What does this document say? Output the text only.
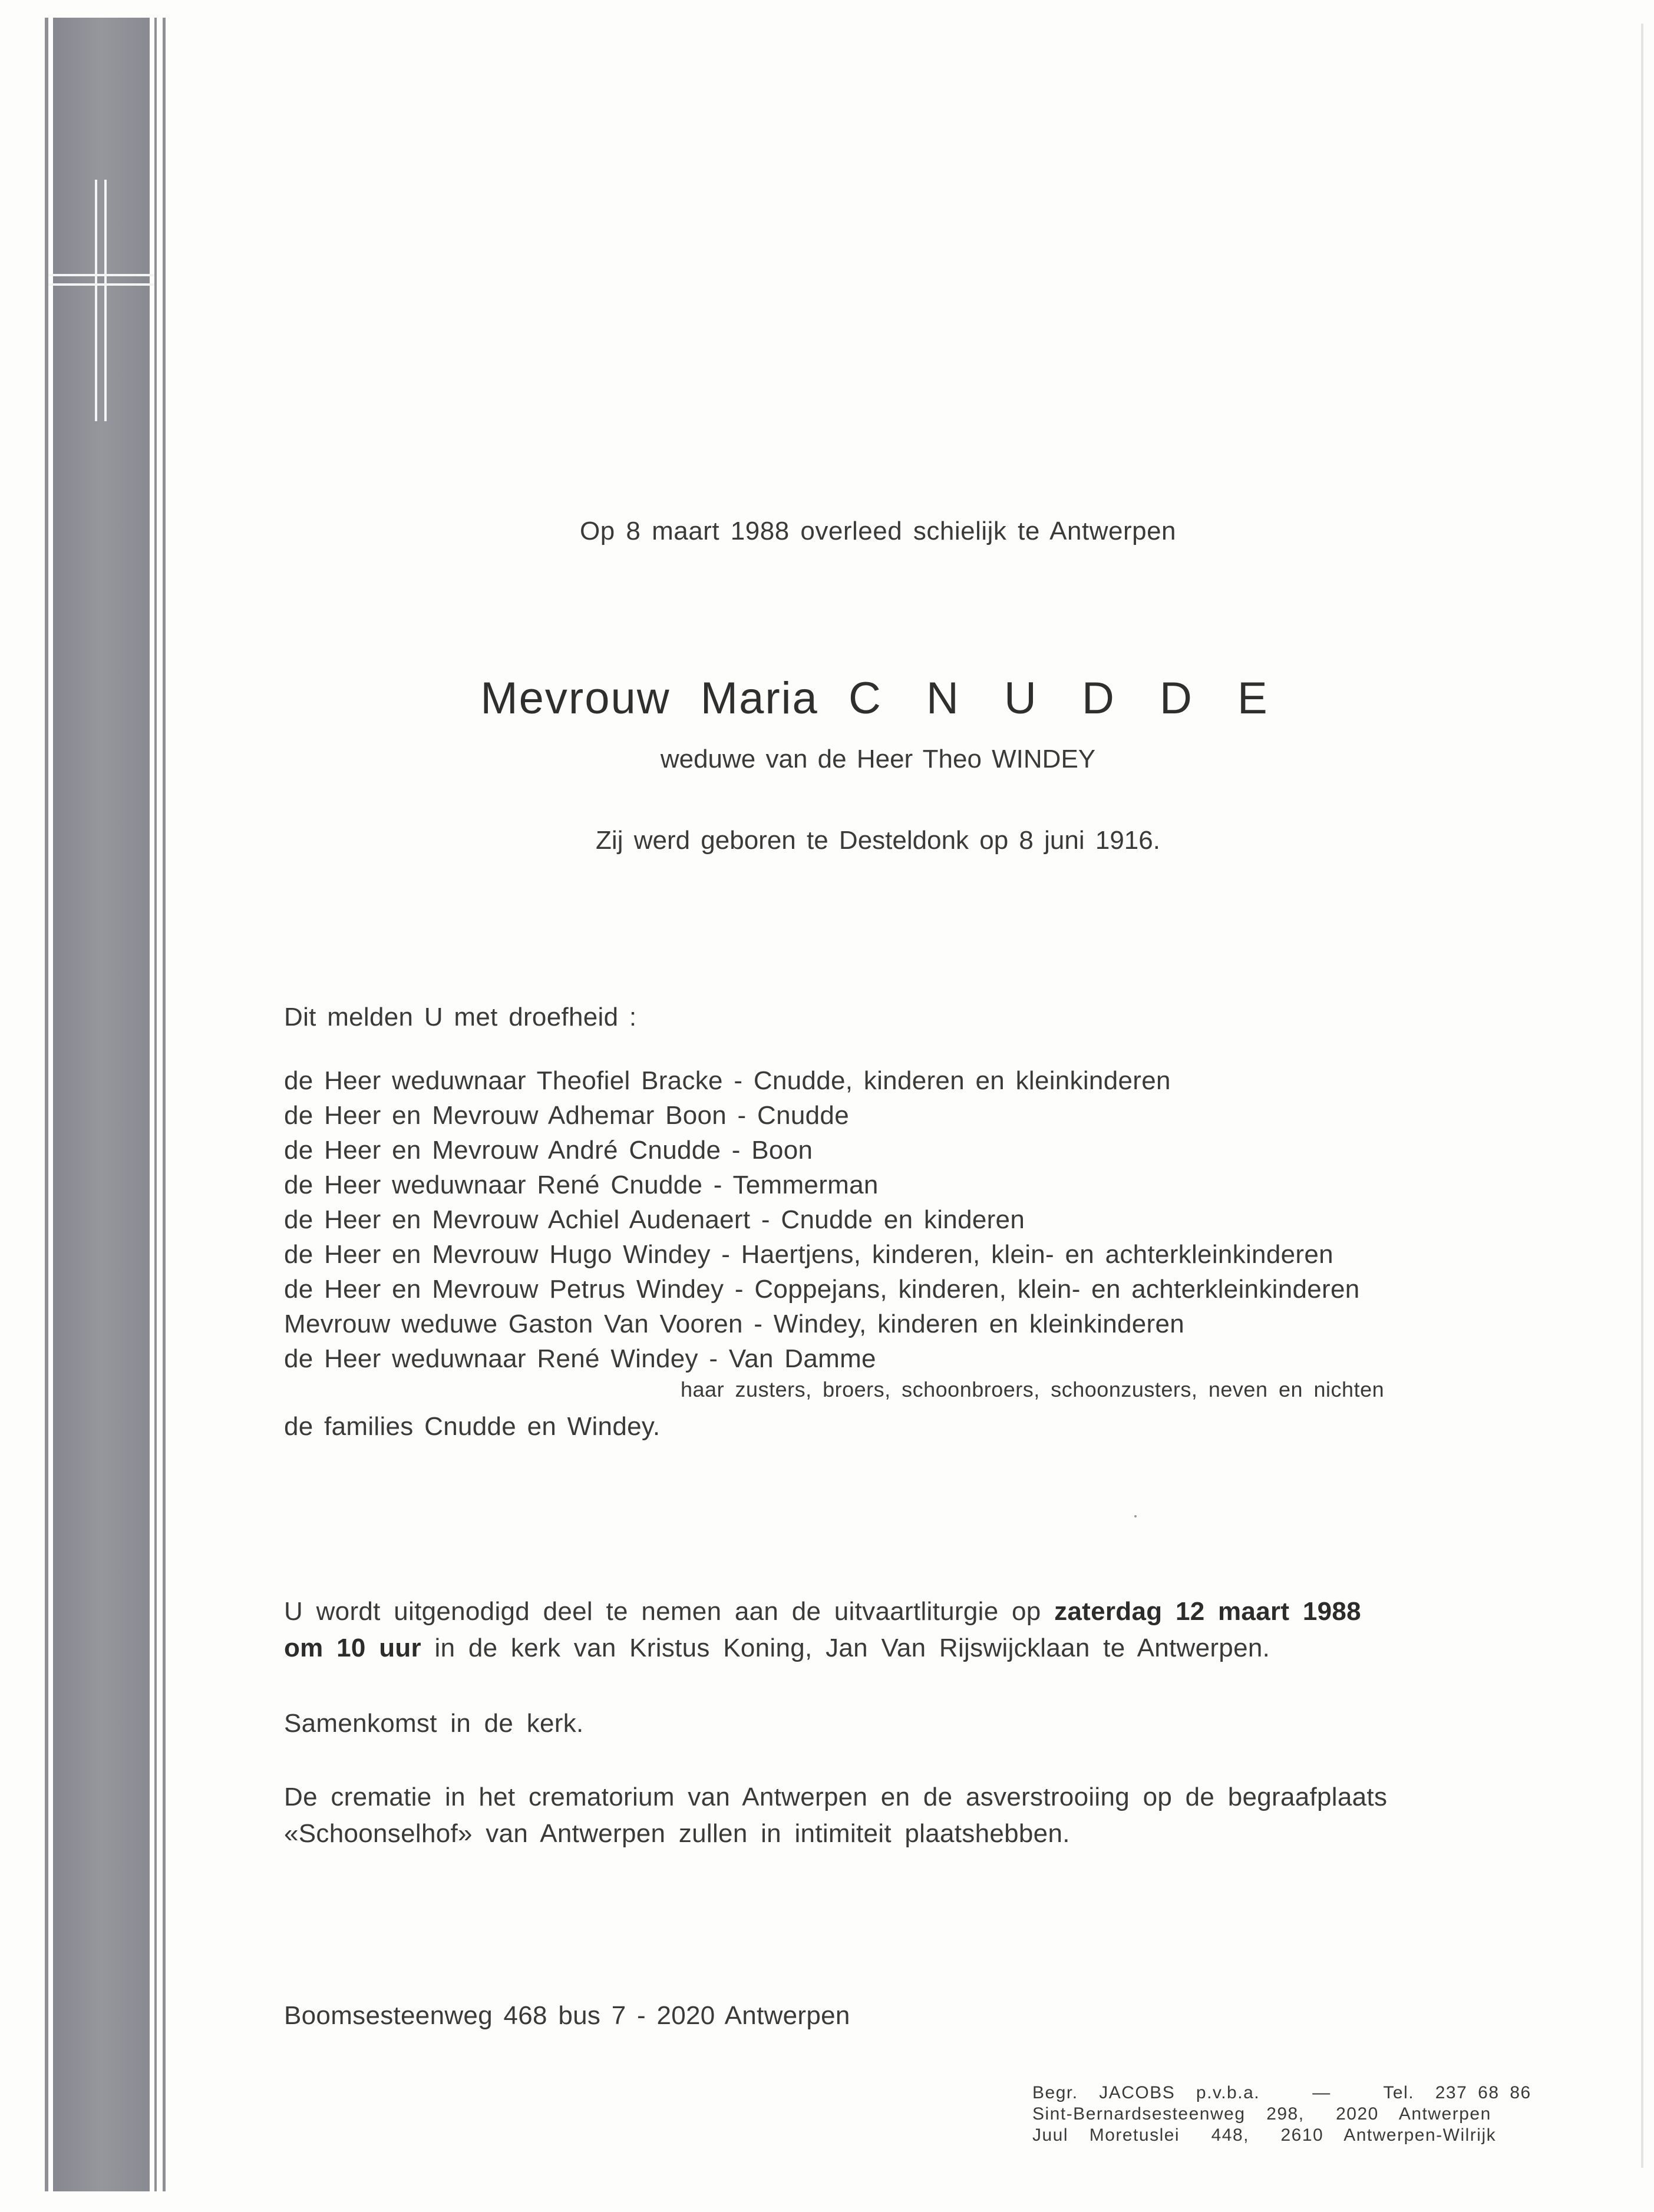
Op 8 maart 1988 overleed schielijk te Antwerpen

Mevrouw Maria C N U D D E

weduwe van de Heer Theo WINDEY

Zij werd geboren te Desteldonk op 8 juni 1916.

Dit melden U met droefheid :

de Heer weduwnaar Theofiel Bracke - Cnudde, kinderen en kleinkinderen
de Heer en Mevrouw Adhemar Boon - Cnudde
de Heer en Mevrouw André Cnudde - Boon
de Heer weduwnaar René Cnudde - Temmerman
de Heer en Mevrouw Achiel Audenaert - Cnudde en kinderen
de Heer en Mevrouw Hugo Windey - Haertjens, kinderen, klein- en achterkleinkinderen
de Heer en Mevrouw Petrus Windey - Coppejans, kinderen, klein- en achterkleinkinderen
Mevrouw weduwe Gaston Van Vooren - Windey, kinderen en kleinkinderen
de Heer weduwnaar René Windey - Van Damme

haar zusters, broers, schoonbroers, schoonzusters, neven en nichten

de families Cnudde en Windey.

U wordt uitgenodigd deel te nemen aan de uitvaartliturgie op zaterdag 12 maart 1988
om 10 uur in de kerk van Kristus Koning, Jan Van Rijswijcklaan te Antwerpen.

Samenkomst in de kerk.

De crematie in het crematorium van Antwerpen en de asverstrooiing op de begraafplaats
«Schoonselhof» van Antwerpen zullen in intimiteit plaatshebben.

Boomsesteenweg 468 bus 7 - 2020 Antwerpen

Begr.  JACOBS  p.v.b.a.     —     Tel.  237 68 86
Sint-Bernardsesteenweg  298,   2020  Antwerpen
Juul  Moretuslei   448,   2610  Antwerpen-Wilrijk
